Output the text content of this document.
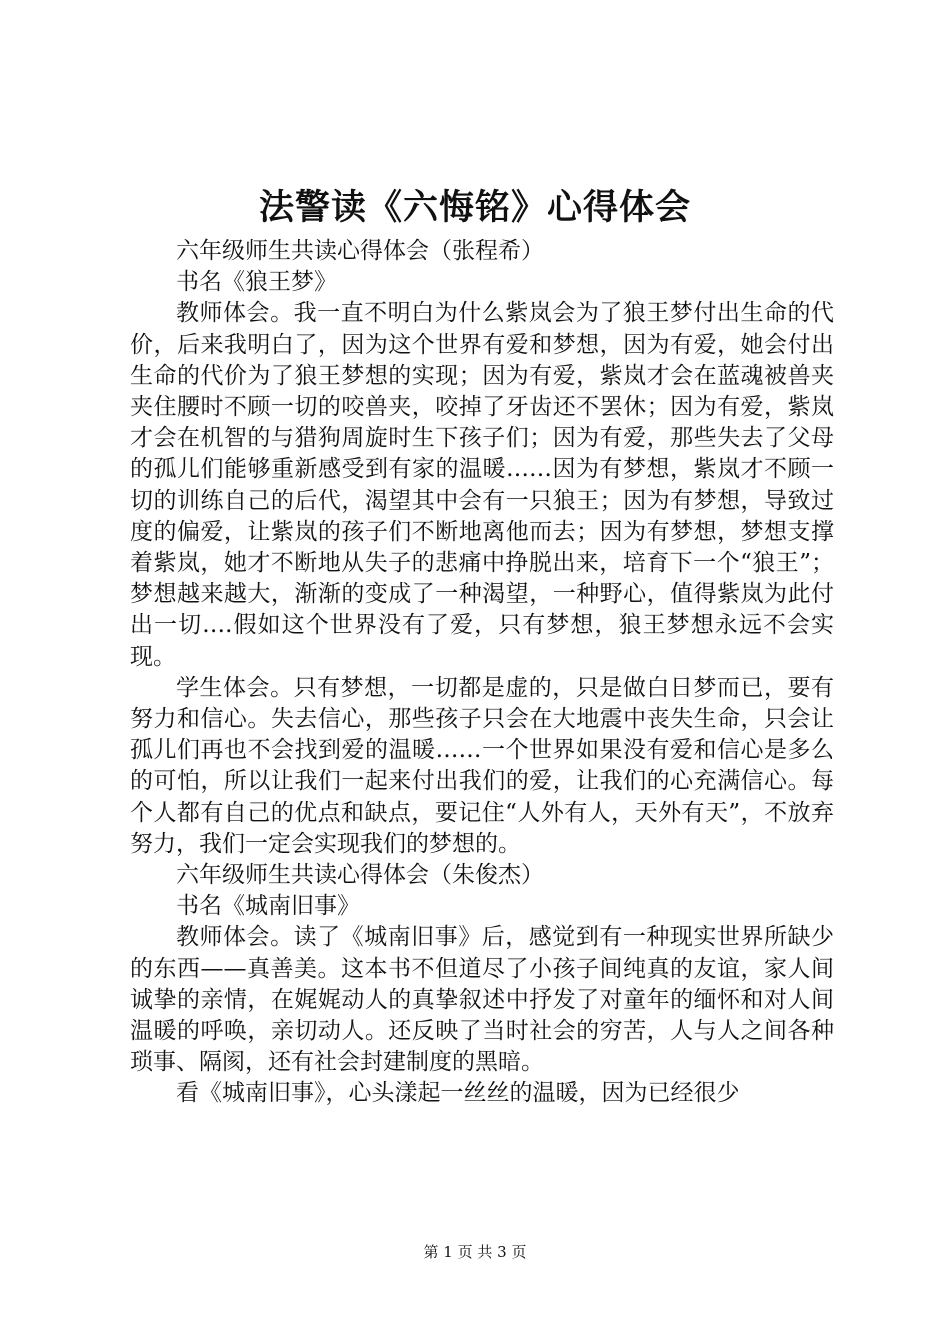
法警读《六悔铭》心得体会

六年级师生共读心得体会（张程希）

书名《狼王梦》

教师体会。我一直不明白为什么紫岚会为了狼王梦付出生命的代价，后来我明白了，因为这个世界有爱和梦想，因为有爱，她会付出生命的代价为了狼王梦想的实现；因为有爱，紫岚才会在蓝魂被兽夹夹住腰时不顾一切的咬兽夹，咬掉了牙齿还不罢休；因为有爱，紫岚才会在机智的与猎狗周旋时生下孩子们；因为有爱，那些失去了父母的孤儿们能够重新感受到有家的温暖……因为有梦想，紫岚才不顾一切的训练自己的后代，渴望其中会有一只狼王；因为有梦想，导致过度的偏爱，让紫岚的孩子们不断地离他而去；因为有梦想，梦想支撑着紫岚，她才不断地从失子的悲痛中挣脱出来，培育下一个“狼王”；梦想越来越大，渐渐的变成了一种渴望，一种野心，值得紫岚为此付出一切….假如这个世界没有了爱，只有梦想，狼王梦想永远不会实现。

学生体会。只有梦想，一切都是虚的，只是做白日梦而已，要有努力和信心。失去信心，那些孩子只会在大地震中丧失生命，只会让孤儿们再也不会找到爱的温暖……一个世界如果没有爱和信心是多么的可怕，所以让我们一起来付出我们的爱，让我们的心充满信心。每个人都有自己的优点和缺点，要记住“人外有人，天外有天”，不放弃努力，我们一定会实现我们的梦想的。

六年级师生共读心得体会（朱俊杰）

书名《城南旧事》

教师体会。读了《城南旧事》后，感觉到有一种现实世界所缺少的东西——真善美。这本书不但道尽了小孩子间纯真的友谊，家人间诚挚的亲情，在娓娓动人的真挚叙述中抒发了对童年的缅怀和对人间温暖的呼唤，亲切动人。还反映了当时社会的穷苦，人与人之间各种琐事、隔阂，还有社会封建制度的黑暗。

看《城南旧事》，心头漾起一丝丝的温暖，因为已经很少

第 1 页 共 3 页
